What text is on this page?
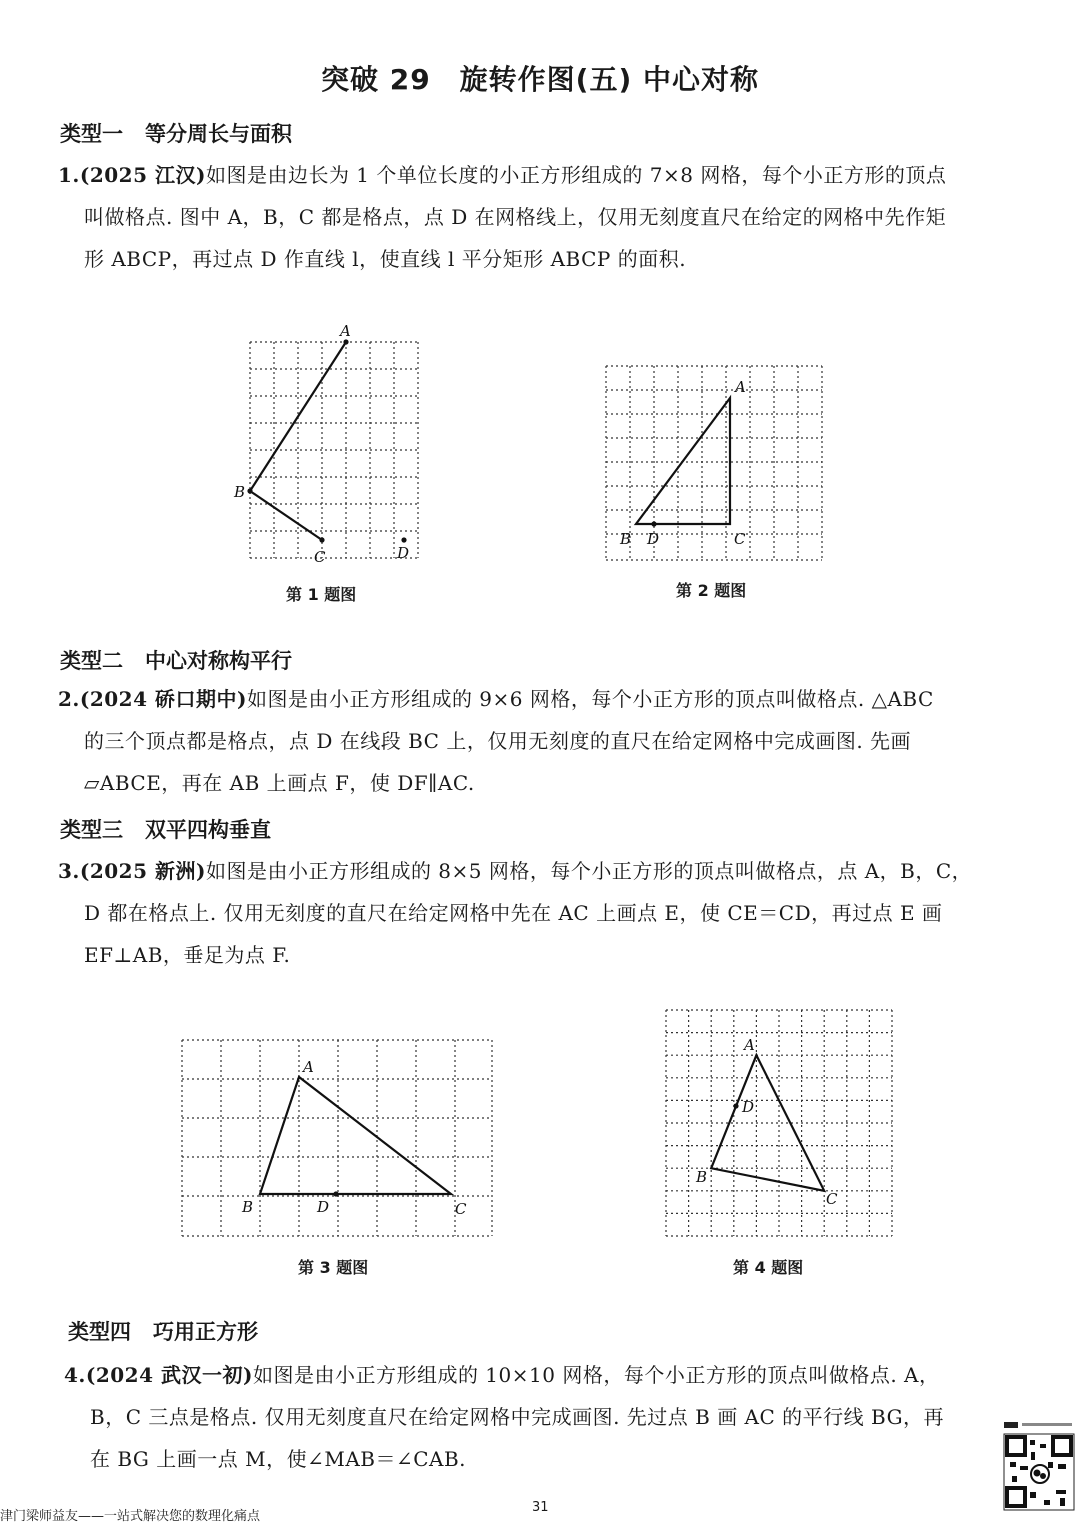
突破 29　旋转作图(五) 中心对称
类型一 等分周长与面积
1.(2025 江汉)如图是由边长为 1 个单位长度的小正方形组成的 7×8 网格，每个小正方形的顶点
叫做格点. 图中 A，B，C 都是格点，点 D 在网格线上，仅用无刻度直尺在给定的网格中先作矩
形 ABCP，再过点 D 作直线 l，使直线 l 平分矩形 ABCP 的面积.
A
B
C	D
第 1 题图
A
B D	C
第 2 题图
类型二 中心对称构平行
2.(2024 硚口期中)如图是由小正方形组成的 9×6 网格，每个小正方形的顶点叫做格点. △ABC
的三个顶点都是格点，点 D 在线段 BC 上，仅用无刻度的直尺在给定网格中完成画图. 先画
▱ABCE，再在 AB 上画点 F，使 DF∥AC.
类型三 双平四构垂直
3.(2025 新洲)如图是由小正方形组成的 8×5 网格，每个小正方形的顶点叫做格点，点 A，B，C，
D 都在格点上. 仅用无刻度的直尺在给定网格中先在 AC 上画点 E，使 CE＝CD，再过点 E 画
EF⊥AB，垂足为点 F.
A
B	D	C
第 3 题图
A
D
B
C
第 4 题图
类型四 巧用正方形
4.(2024 武汉一初)如图是由小正方形组成的 10×10 网格，每个小正方形的顶点叫做格点. A，
B，C 三点是格点. 仅用无刻度直尺在给定网格中完成画图. 先过点 B 画 AC 的平行线 BG，再
在 BG 上画一点 M，使∠MAB＝∠CAB.
津门梁师益友——一站式解决您的数理化痛点
31
